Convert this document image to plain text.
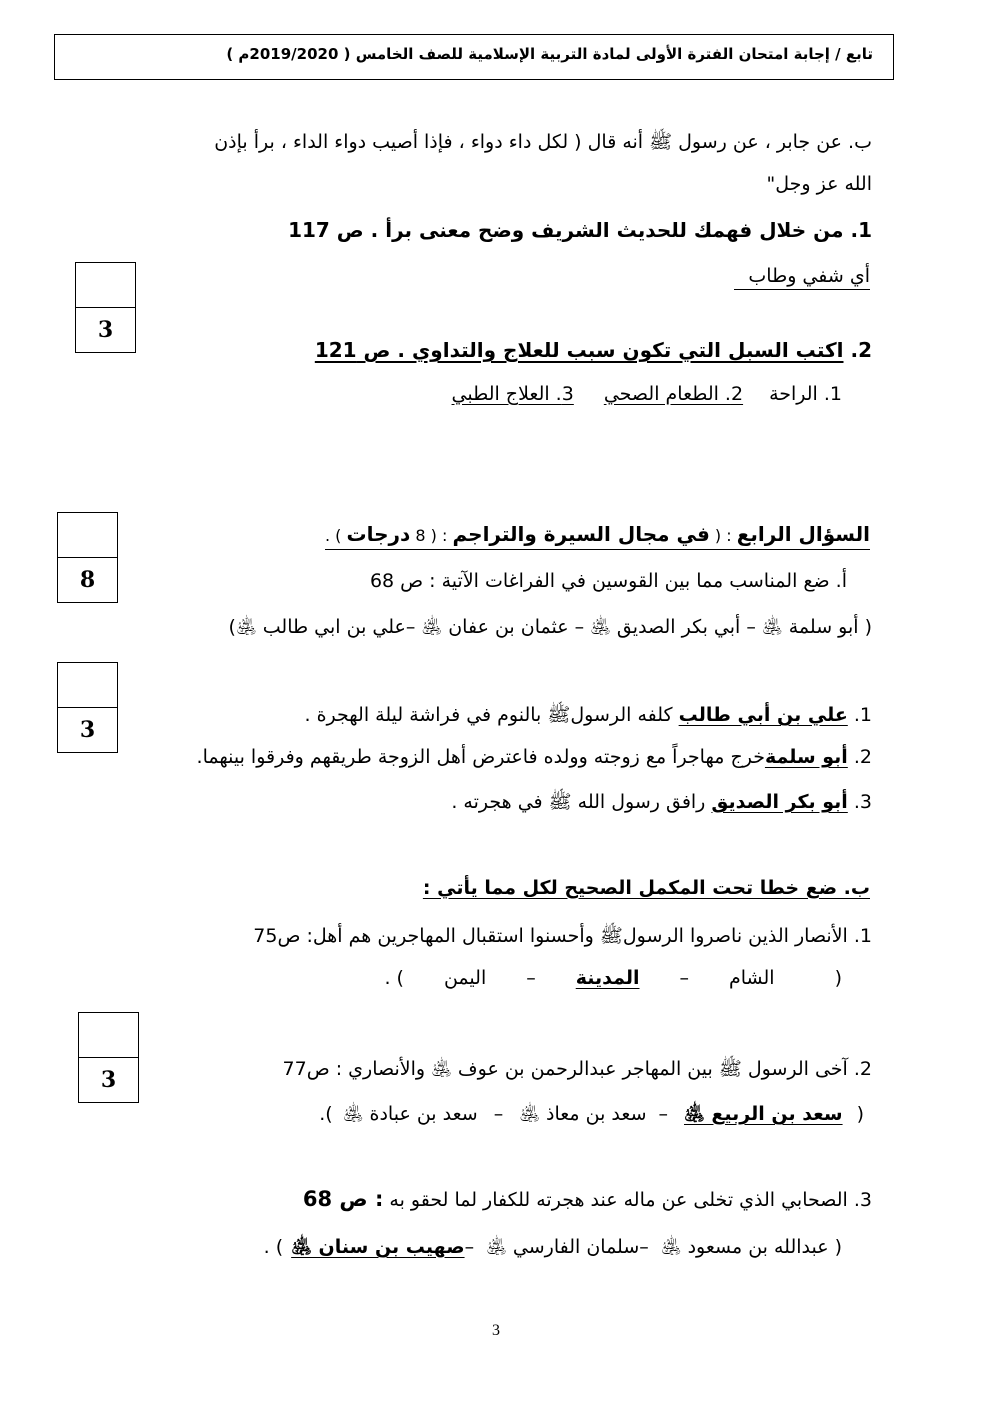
تابع / إجابة امتحان الفترة الأولى لمادة التربية الإسلامية للصف الخامس ( 2019/2020م )
ب. عن جابر ، عن رسول ﷺ أنه قال ( لكل داء دواء ، فإذا أصيب دواء الداء ، برأ بإذن
الله عز وجل"
1. من خلال فهمك للحديث الشريف وضح معنى برأ . ص 117
أي شفي وطاب
3
2. اكتب السبل التي تكون سبب للعلاج والتداوي . ص 121
1. الراحة2. الطعام الصحي3. العلاج الطبي
السؤال الرابع : ( في مجال السيرة والتراجم : ( 8 درجات ) .
8	أ. ضع المناسب مما بين القوسين في الفراغات الآتية : ص 68
( أبو سلمة ﵁ – أبي بكر الصديق ﵁ – عثمان بن عفان ﵁ –علي بن ابي طالب ﵁)
3
1. علي بن أبي طالب كلفه الرسولﷺ بالنوم في فراشة ليلة الهجرة .
2. أبو سلمةخرج مهاجراً مع زوجته وولده فاعترض أهل الزوجة طريقهم وفرقوا بينهما.
3. أبو بكر الصديق رافق رسول الله ﷺ في هجرته .
ب. ضع خطا تحت المكمل الصحيح لكل مما يأتي :
1. الأنصار الذين ناصروا الرسولﷺ وأحسنوا استقبال المهاجرين هم أهل: ص75
(الشام–المدينة–اليمن) .
3	2. آخى الرسول ﷺ بين المهاجر عبدالرحمن بن عوف ﵁ والأنصاري : ص77
(سعد بن الربيع ﵁–سعد بن معاذ ﵁–سعد بن عبادة ﵁).
3. الصحابي الذي تخلى عن ماله عند هجرته للكفار لما لحقو به : ص 68
(عبدالله بن مسعود ﵁–سلمان الفارسي ﵁–صهيب بن سنان ﵁) .
3
